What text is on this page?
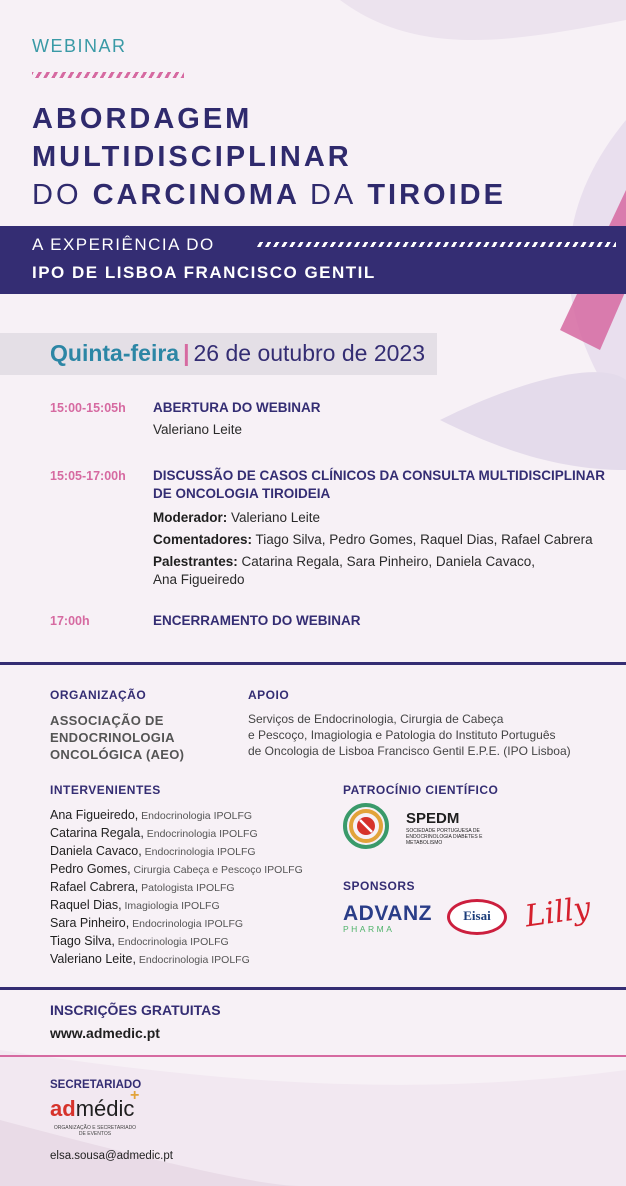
WEBINAR
ABORDAGEM
MULTIDISCIPLINAR
DO CARCINOMA DA TIROIDE
A EXPERIÊNCIA DO
IPO DE LISBOA FRANCISCO GENTIL
Quinta-feira | 26 de outubro de 2023
15:00-15:05h ABERTURA DO WEBINAR
Valeriano Leite
15:05-17:00h DISCUSSÃO DE CASOS CLÍNICOS DA CONSULTA MULTIDISCIPLINAR
DE ONCOLOGIA TIROIDEIA
Moderador: Valeriano Leite
Comentadores: Tiago Silva, Pedro Gomes, Raquel Dias, Rafael Cabrera
Palestrantes: Catarina Regala, Sara Pinheiro, Daniela Cavaco,
Ana Figueiredo
17:00h	ENCERRAMENTO DO WEBINAR
ORGANIZAÇÃO
ASSOCIAÇÃO DE
ENDOCRINOLOGIA
ONCOLÓGICA (AEO)
APOIO
Serviços de Endocrinologia, Cirurgia de Cabeça
e Pescoço, Imagiologia e Patologia do Instituto Português
de Oncologia de Lisboa Francisco Gentil E.P.E. (IPO Lisboa)
INTERVENIENTES
Ana Figueiredo, Endocrinologia IPOLFG
Catarina Regala, Endocrinologia IPOLFG
Daniela Cavaco, Endocrinologia IPOLFG
Pedro Gomes, Cirurgia Cabeça e Pescoço IPOLFG
Rafael Cabrera, Patologista IPOLFG
Raquel Dias, Imagiologia IPOLFG
Sara Pinheiro, Endocrinologia IPOLFG
Tiago Silva, Endocrinologia IPOLFG
Valeriano Leite, Endocrinologia IPOLFG
PATROCÍNIO CIENTÍFICO
SPEDM
SOCIEDADE PORTUGUESA DE ENDOCRINOLOGIA DIABETES E METABOLISMO
SPONSORS
ADVANZ
PHARMA
Eisai	Lilly
INSCRIÇÕES GRATUITAS
www.admedic.pt
SECRETARIADO
admédic
+
ORGANIZAÇÃO E SECRETARIADO DE EVENTOS
elsa.sousa@admedic.pt
